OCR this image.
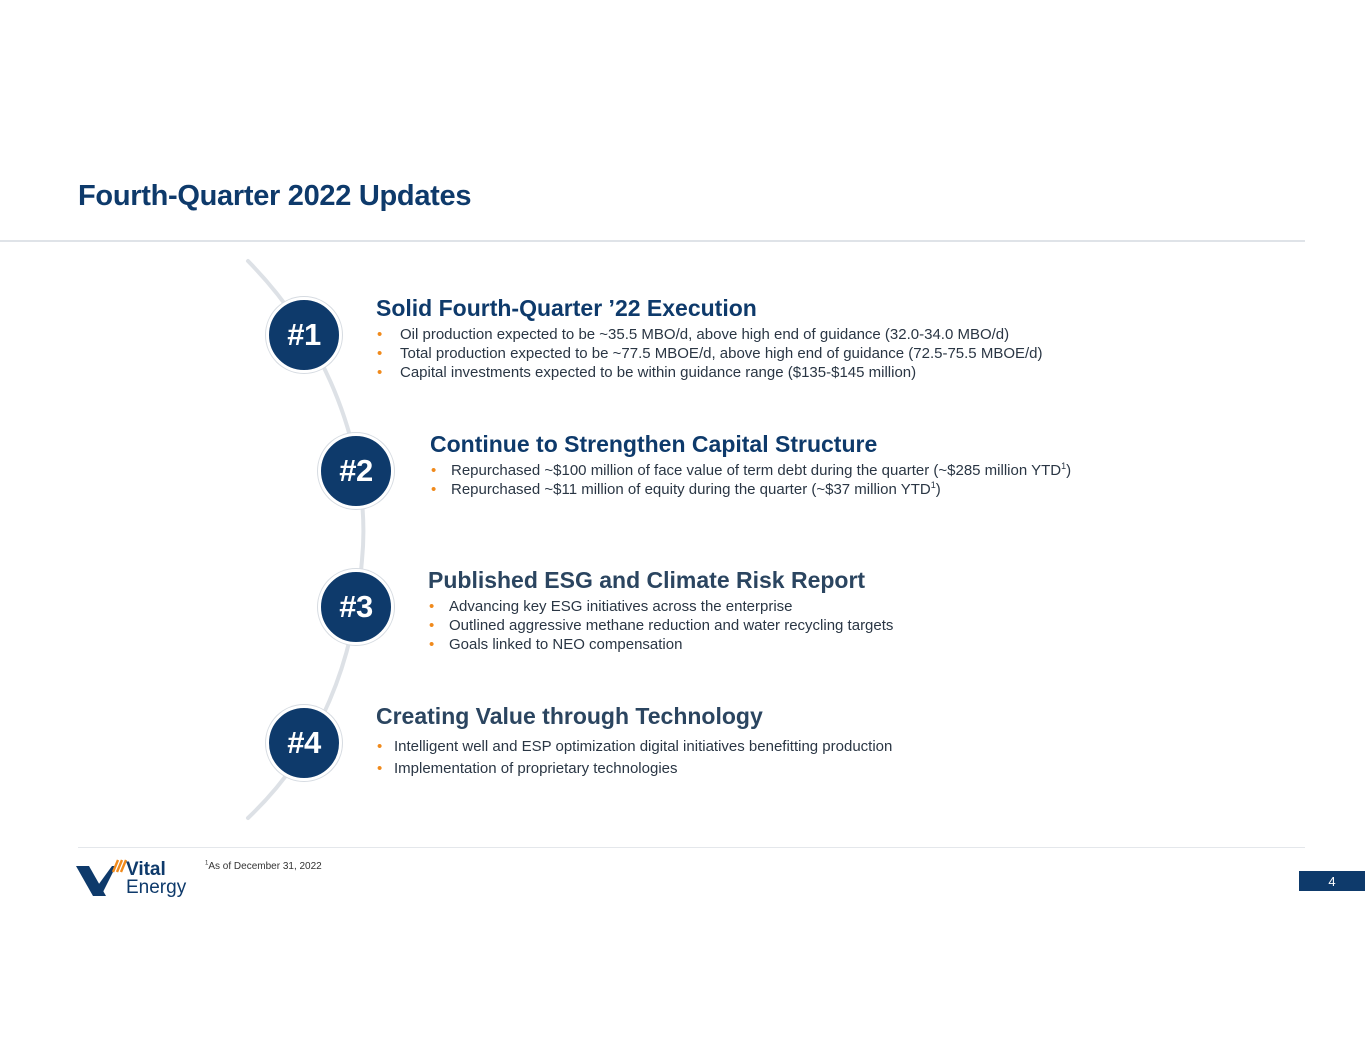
Fourth-Quarter 2022 Updates
#1
Solid Fourth-Quarter ’22 Execution
• Oil production expected to be ~35.5 MBO/d, above high end of guidance (32.0-34.0 MBO/d)
• Total production expected to be ~77.5 MBOE/d, above high end of guidance (72.5-75.5 MBOE/d)
• Capital investments expected to be within guidance range ($135-$145 million)
#2
Continue to Strengthen Capital Structure
• Repurchased ~$100 million of face value of term debt during the quarter (~$285 million YTD$^1$)
• Repurchased ~$11 million of equity during the quarter (~$37 million YTD$^1$)
#3
Published ESG and Climate Risk Report
• Advancing key ESG initiatives across the enterprise
• Outlined aggressive methane reduction and water recycling targets
• Goals linked to NEO compensation
#4
Creating Value through Technology
• Intelligent well and ESP optimization digital initiatives benefitting production
• Implementation of proprietary technologies
Vital
Energy
$^1$As of December 31, 2022
4
